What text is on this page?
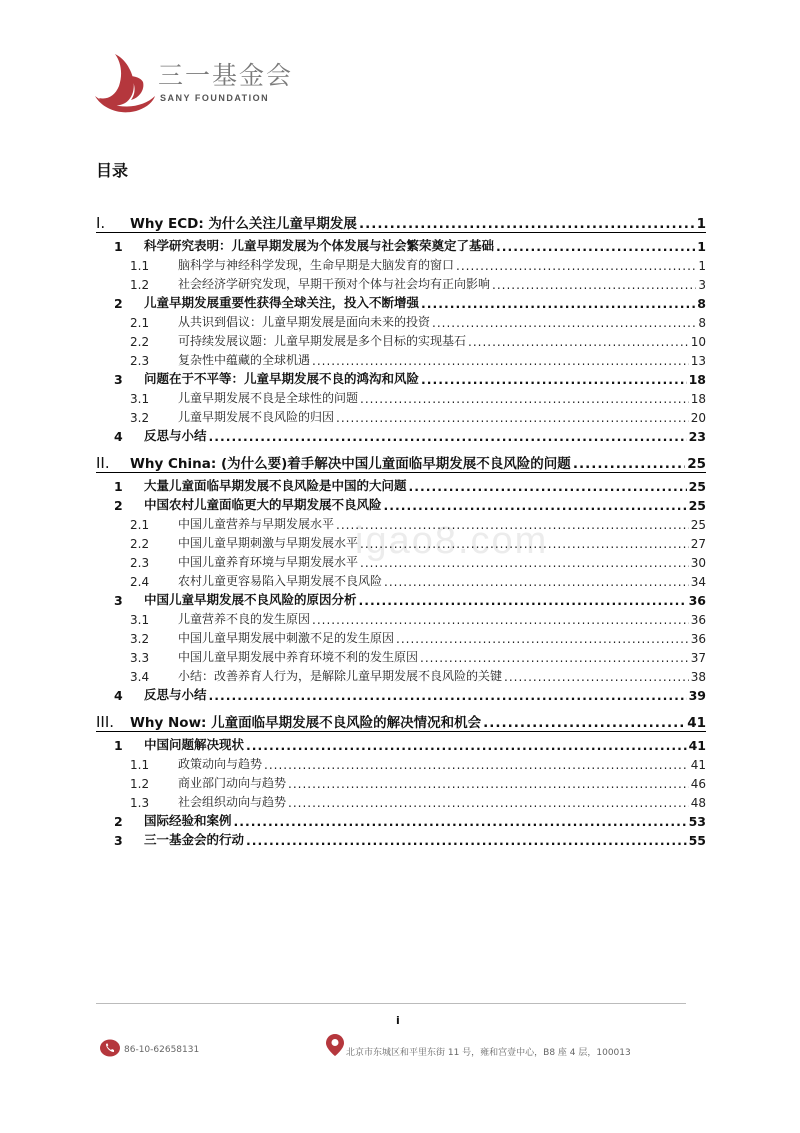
三一基金会
SANY FOUNDATION
igao8.com
目录
I.	Why ECD: 为什么关注儿童早期发展 .....	1
1	科学研究表明：儿童早期发展为个体发展与社会繁荣奠定了基础 .....	1
1.1	脑科学与神经科学发现，生命早期是大脑发育的窗口 .....	1
1.2	社会经济学研究发现，早期干预对个体与社会均有正向影响 .....	3
2	儿童早期发展重要性获得全球关注，投入不断增强 .....	8
2.1	从共识到倡议：儿童早期发展是面向未来的投资 .....	8
2.2	可持续发展议题：儿童早期发展是多个目标的实现基石 .....	10
2.3	复杂性中蕴藏的全球机遇 .....	13
3	问题在于不平等：儿童早期发展不良的鸿沟和风险 .....	18
3.1	儿童早期发展不良是全球性的问题 .....	18
3.2	儿童早期发展不良风险的归因 .....	20
4	反思与小结 .....	23
II.	Why China: (为什么要)着手解决中国儿童面临早期发展不良风险的问题 .....	25
1	大量儿童面临早期发展不良风险是中国的大问题 .....	25
2	中国农村儿童面临更大的早期发展不良风险 .....	25
2.1	中国儿童营养与早期发展水平 .....	25
2.2	中国儿童早期刺激与早期发展水平 .....	27
2.3	中国儿童养育环境与早期发展水平 .....	30
2.4	农村儿童更容易陷入早期发展不良风险 .....	34
3	中国儿童早期发展不良风险的原因分析 .....	36
3.1	儿童营养不良的发生原因 .....	36
3.2	中国儿童早期发展中刺激不足的发生原因 .....	36
3.3	中国儿童早期发展中养育环境不利的发生原因 .....	37
3.4	小结：改善养育人行为，是解除儿童早期发展不良风险的关键 .....	38
4	反思与小结 .....	39
III.	Why Now: 儿童面临早期发展不良风险的解决情况和机会 .....	41
1	中国问题解决现状 .....	41
1.1	政策动向与趋势 .....	41
1.2	商业部门动向与趋势 .....	46
1.3	社会组织动向与趋势 .....	48
2	国际经验和案例 .....	53
3	三一基金会的行动 .....	55
i
86-10-62658131	北京市东城区和平里东街 11 号，雍和宫壹中心，B8 座 4 层，100013
